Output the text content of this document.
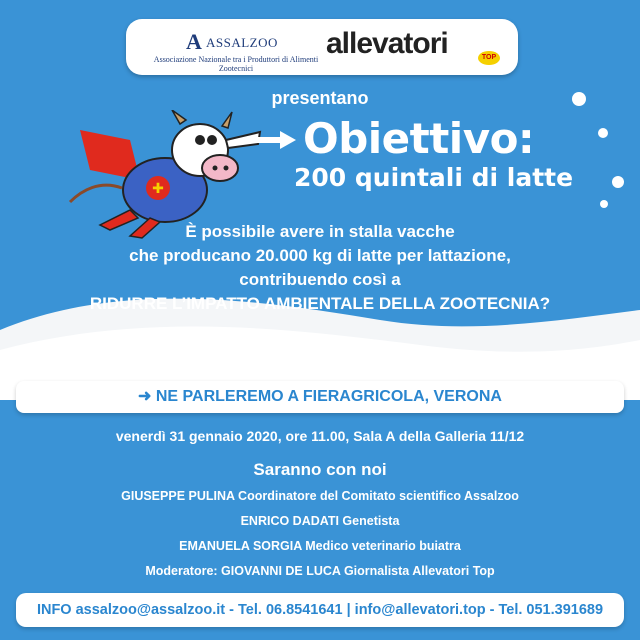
A ASSALZOO
Associazione Nazionale tra i Produttori di Alimenti Zootecnici
allevatori	TOP
presentano
✚
Obiettivo:
200 quintali di latte
È possibile avere in stalla vacche
che producano 20.000 kg di latte per lattazione,
contribuendo così a
RIDURRE L’IMPATTO AMBIENTALE DELLA ZOOTECNIA?
➜ NE PARLEREMO A FIERAGRICOLA, VERONA
venerdì 31 gennaio 2020, ore 11.00, Sala A della Galleria 11/12
Saranno con noi
GIUSEPPE PULINA Coordinatore del Comitato scientifico Assalzoo
ENRICO DADATI Genetista
EMANUELA SORGIA Medico veterinario buiatra
Moderatore: GIOVANNI DE LUCA Giornalista Allevatori Top
INFO assalzoo@assalzoo.it - Tel. 06.8541641 | info@allevatori.top - Tel. 051.391689
